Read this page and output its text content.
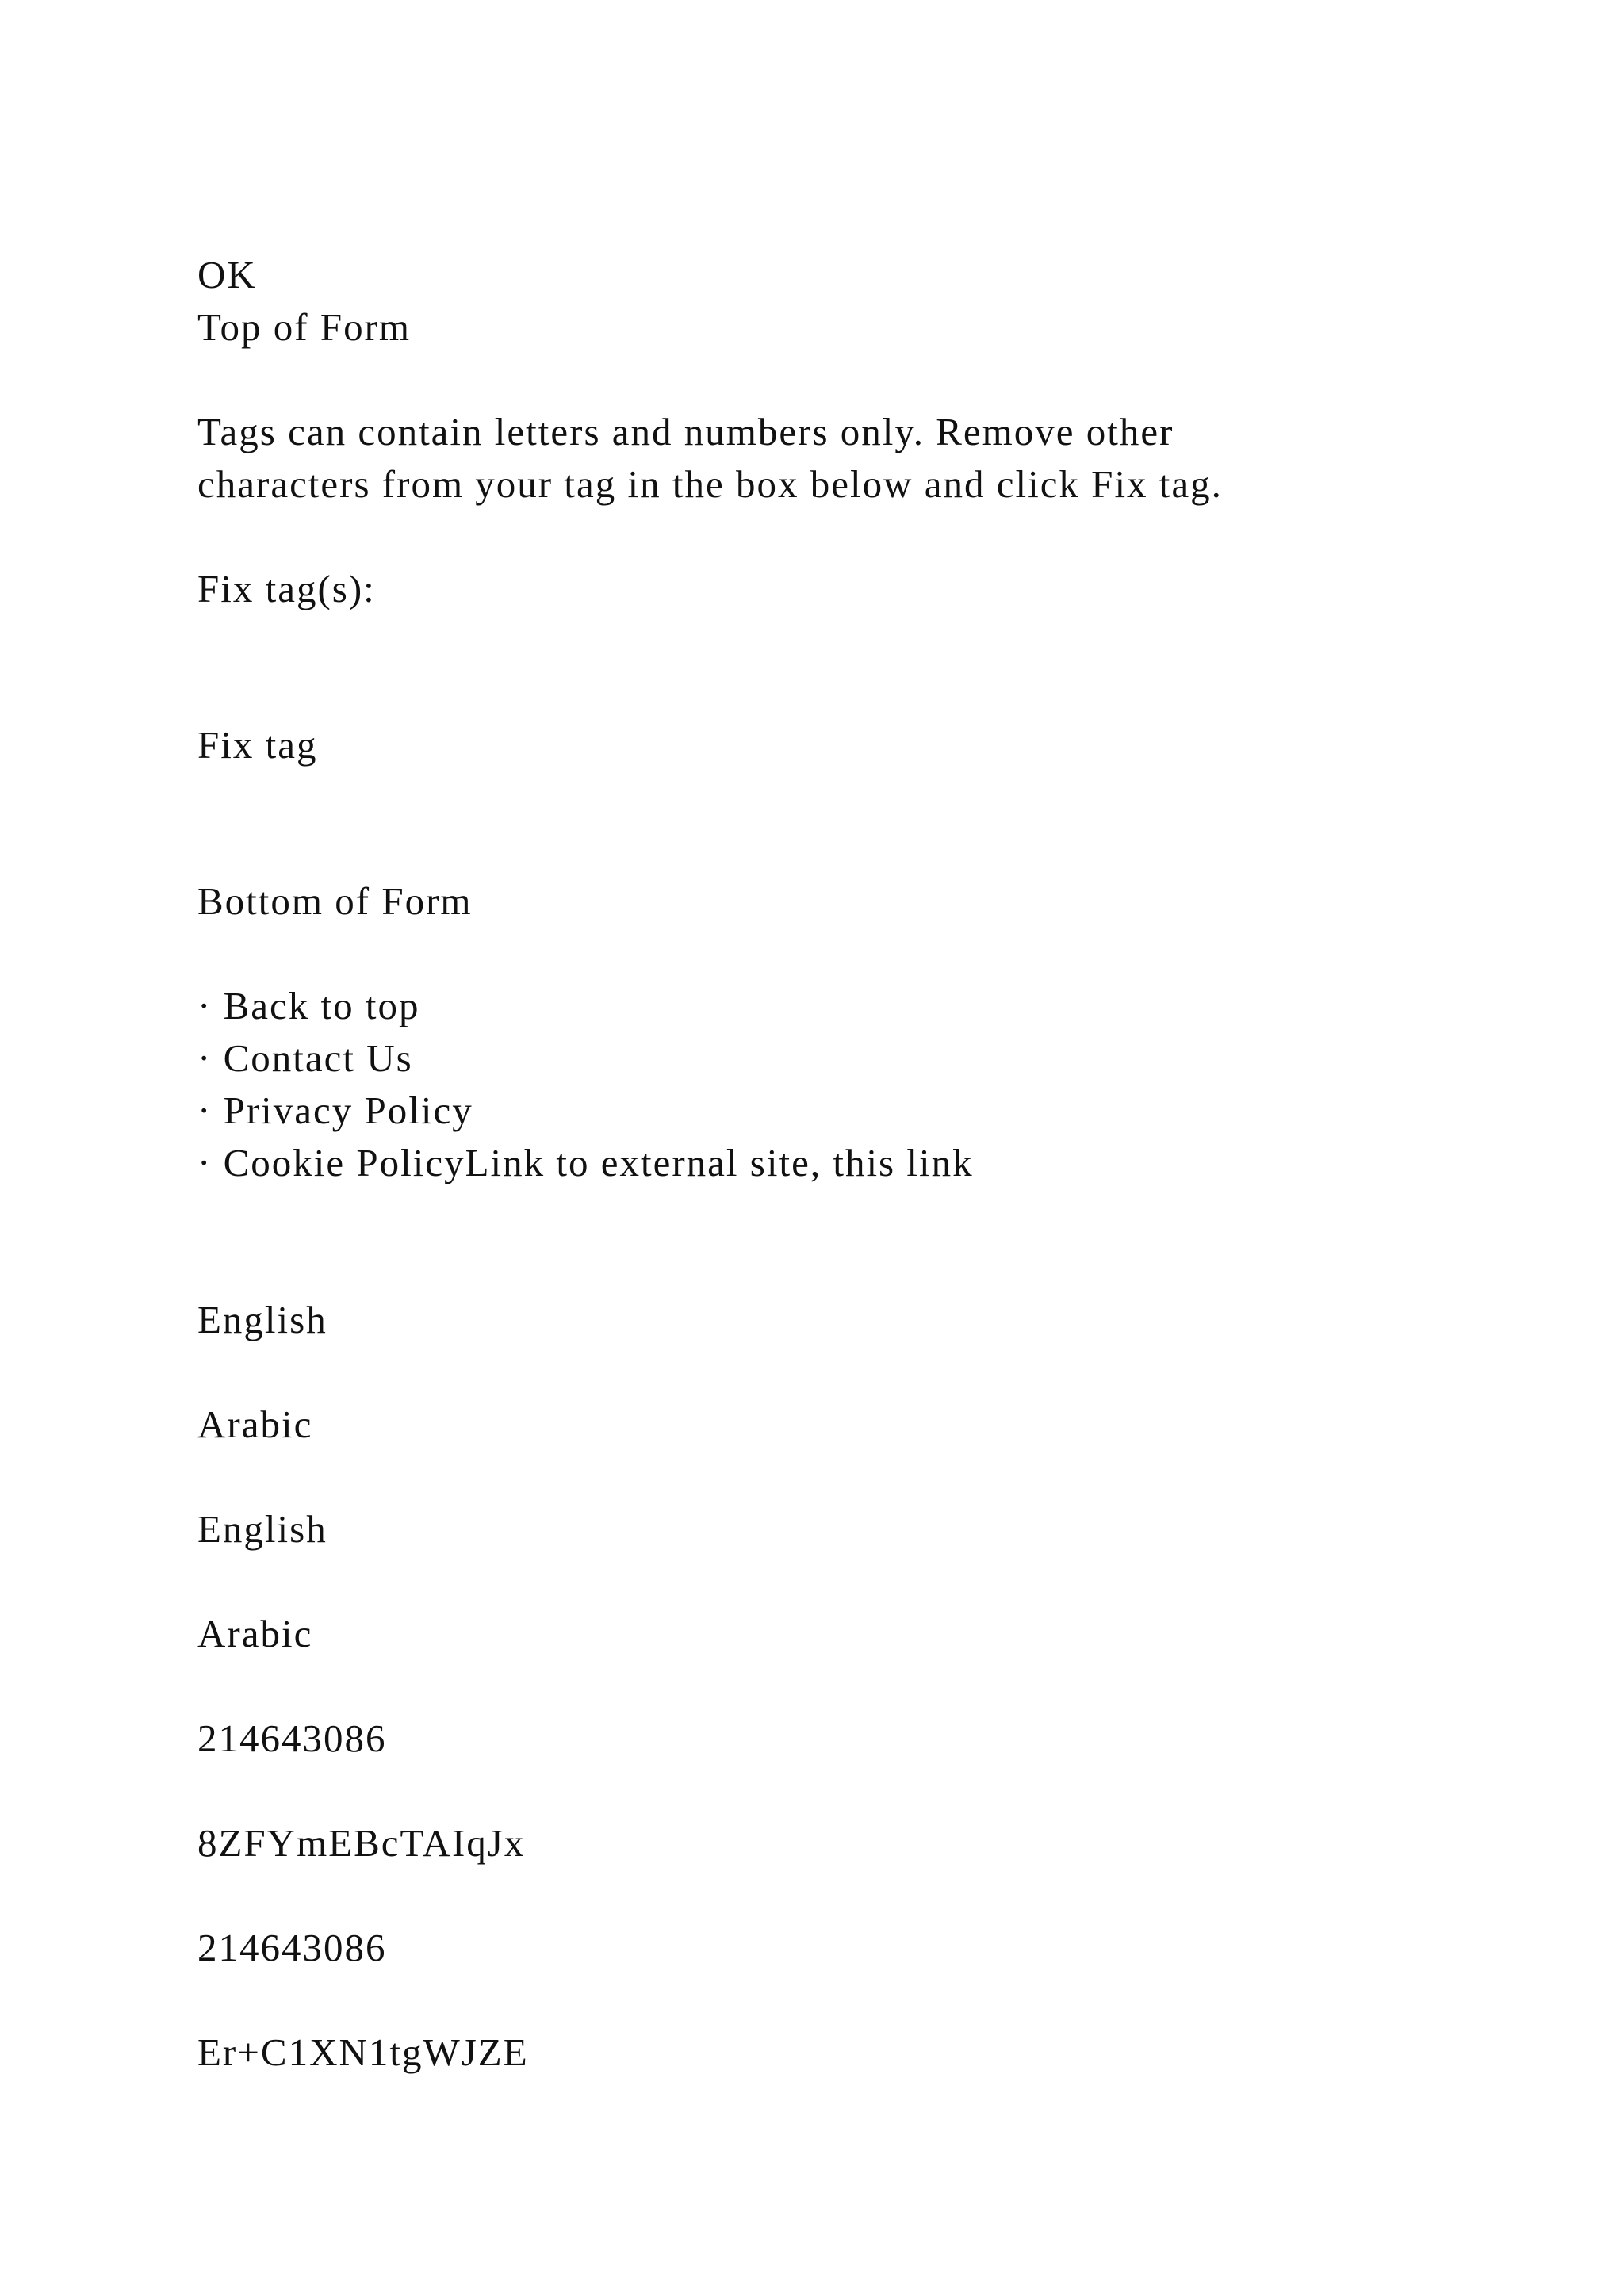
OK

Top of Form

Tags can contain letters and numbers only. Remove other

characters from your tag in the box below and click Fix tag.

Fix tag(s):

Fix tag

Bottom of Form

· Back to top

· Contact Us

· Privacy Policy

· Cookie PolicyLink to external site, this link

English

Arabic

English

Arabic

214643086

8ZFYmEBcTAIqJx

214643086

Er+C1XN1tgWJZE
